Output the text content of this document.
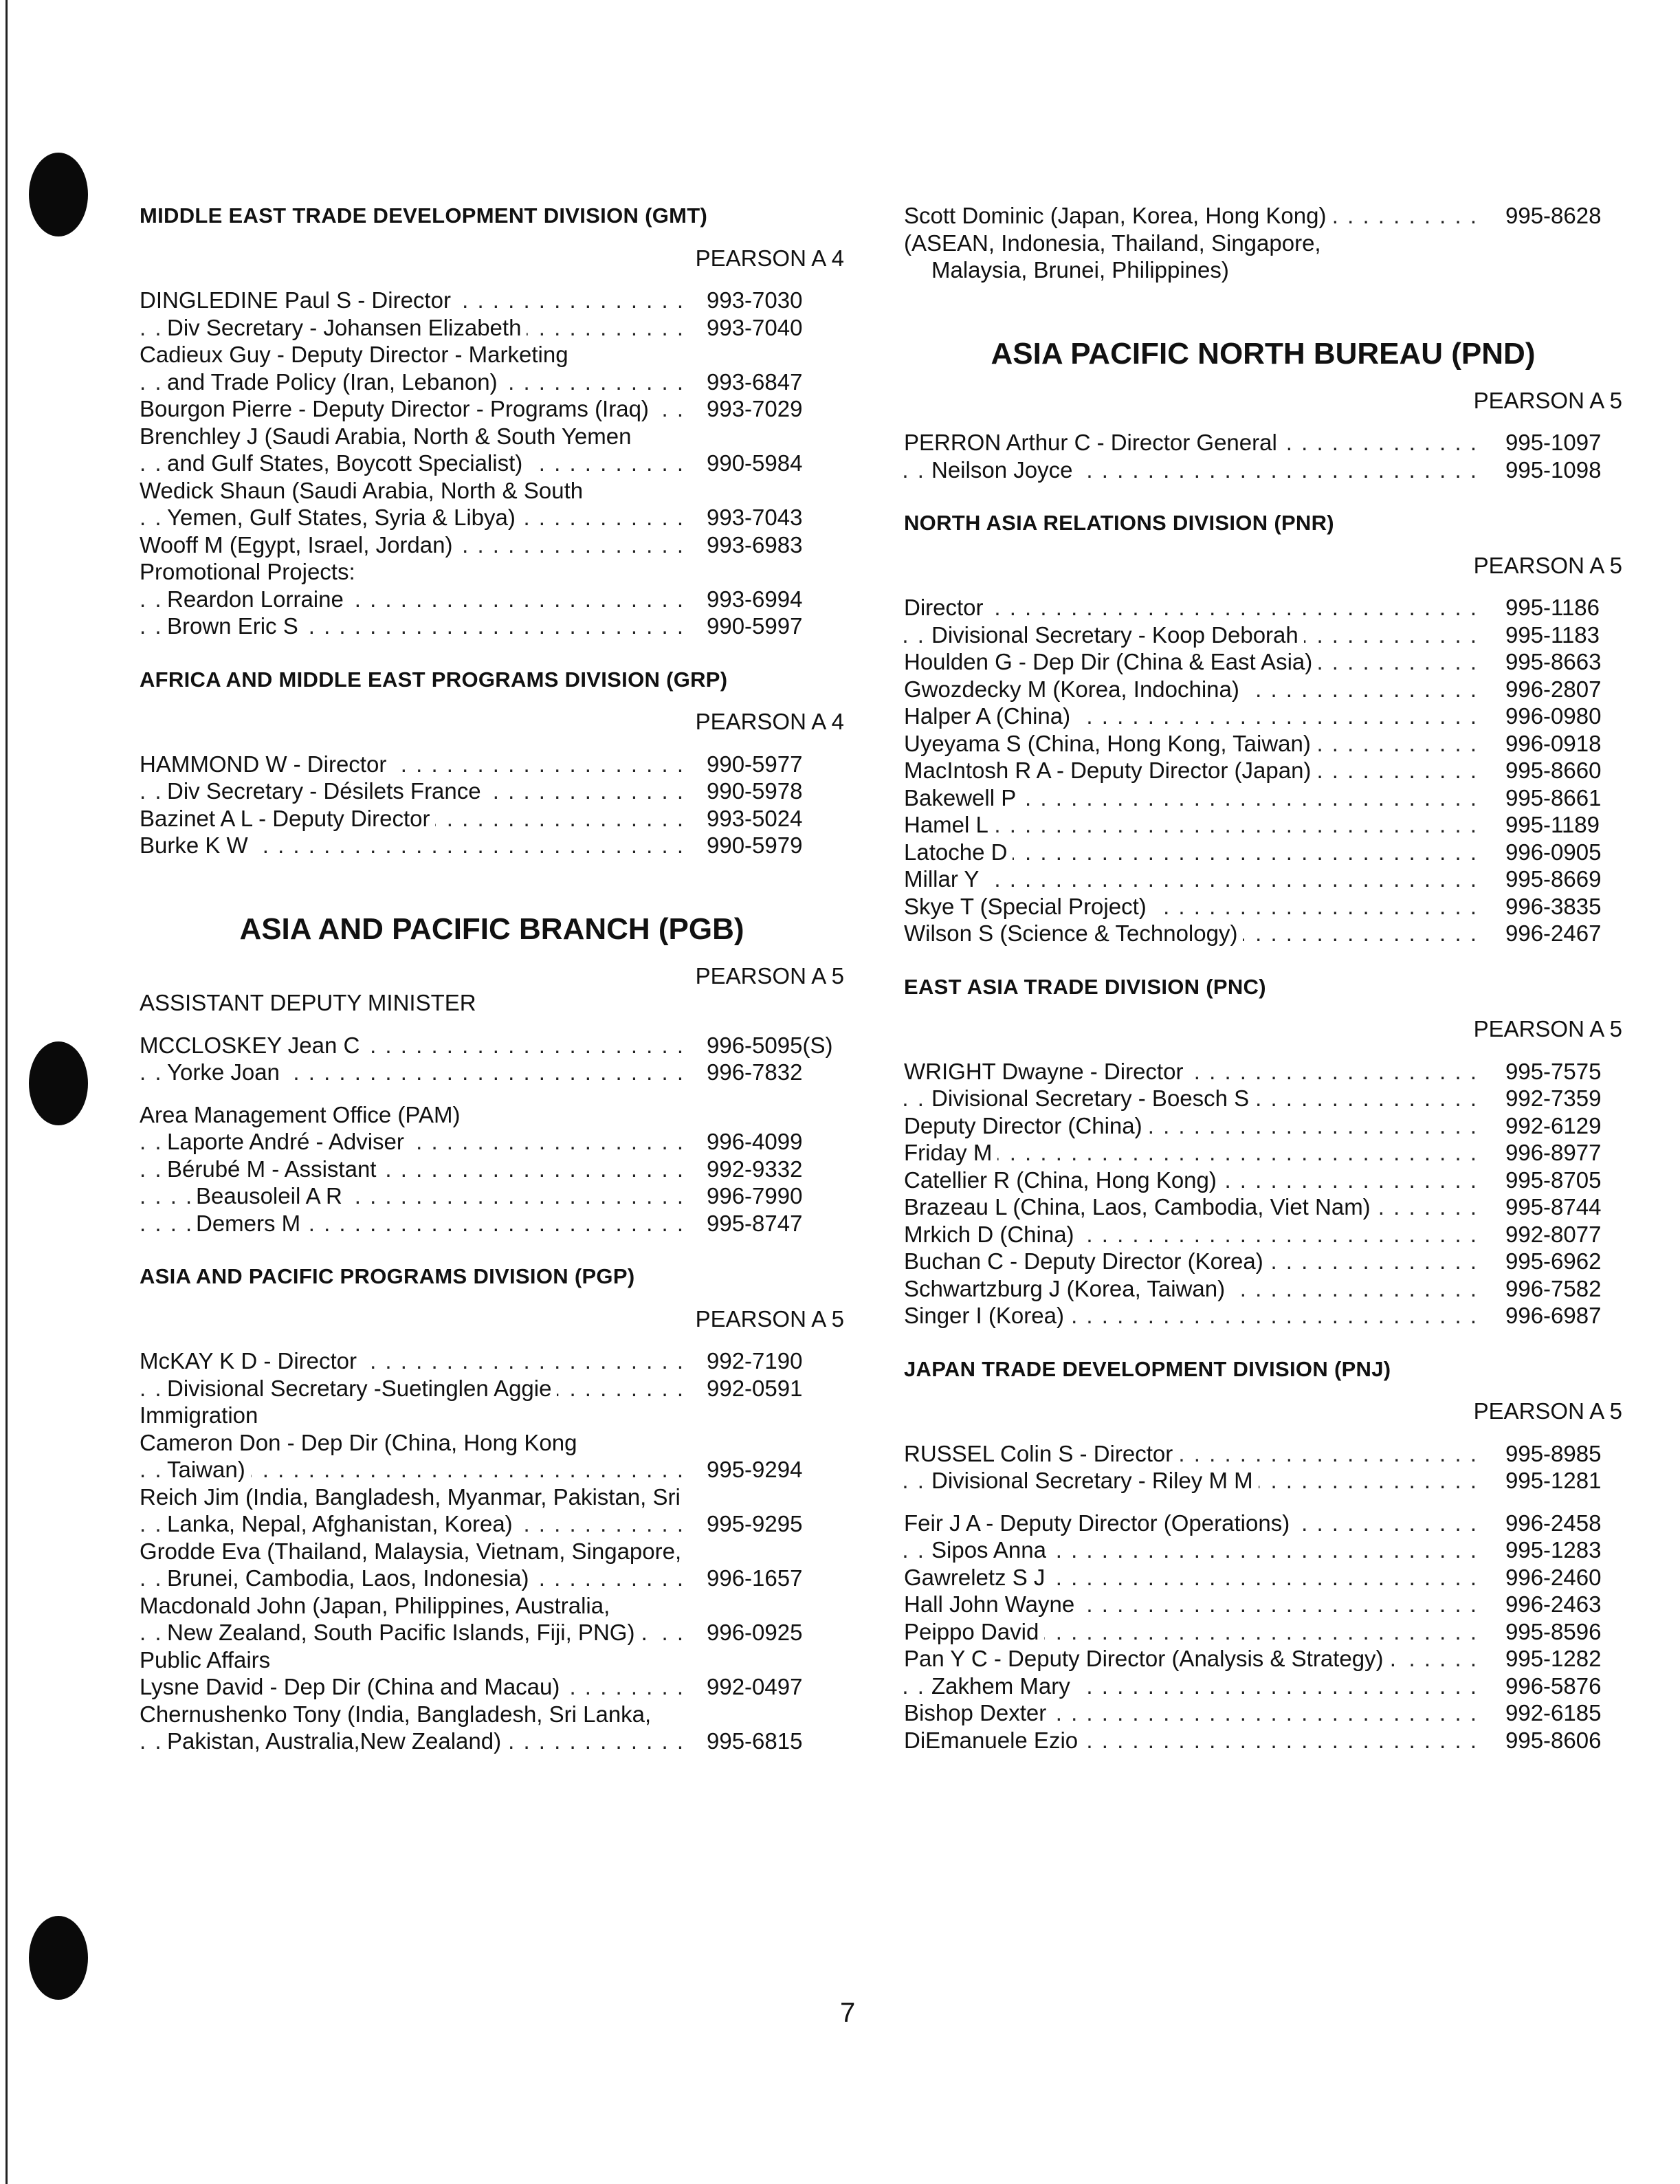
MIDDLE EAST TRADE DEVELOPMENT DIVISION (GMT)
PEARSON A 4
DINGLEDINE Paul S - Director . . .	993-7030
Div Secretary - Johansen Elizabeth . . .	993-7040
Cadieux Guy - Deputy Director - Marketing
and Trade Policy (Iran, Lebanon) . . .	993-6847
Bourgon Pierre - Deputy Director - Programs (Iraq) . . .	993-7029
Brenchley J (Saudi Arabia, North & South Yemen
and Gulf States, Boycott Specialist) . . .	990-5984
Wedick Shaun (Saudi Arabia, North & South
Yemen, Gulf States, Syria & Libya) . . .	993-7043
Wooff M (Egypt, Israel, Jordan) . . .	993-6983
Promotional Projects:
Reardon Lorraine . . .	993-6994
Brown Eric S . . .	990-5997
AFRICA AND MIDDLE EAST PROGRAMS DIVISION (GRP)
PEARSON A 4
HAMMOND W - Director . . .	990-5977
Div Secretary - Désilets France . . .	990-5978
Bazinet A L - Deputy Director . . .	993-5024
Burke K W . . .	990-5979
ASIA AND PACIFIC BRANCH (PGB)
PEARSON A 5
ASSISTANT DEPUTY MINISTER
MCCLOSKEY Jean C . . .	996-5095(S)
Yorke Joan . . .	996-7832
Area Management Office (PAM)
Laporte André - Adviser . . .	996-4099
Bérubé M - Assistant . . .	992-9332
Beausoleil A R . . .	996-7990
Demers M . . .	995-8747
ASIA AND PACIFIC PROGRAMS DIVISION (PGP)
PEARSON A 5
McKAY K D - Director . . .	992-7190
Divisional Secretary -Suetinglen Aggie . . .	992-0591
Immigration
Cameron Don - Dep Dir (China, Hong Kong
Taiwan) . . .	995-9294
Reich Jim (India, Bangladesh, Myanmar, Pakistan, Sri
Lanka, Nepal, Afghanistan, Korea) . . .	995-9295
Grodde Eva (Thailand, Malaysia, Vietnam, Singapore,
Brunei, Cambodia, Laos, Indonesia) . . .	996-1657
Macdonald John (Japan, Philippines, Australia,
New Zealand, South Pacific Islands, Fiji, PNG) . . . .	996-0925
Public Affairs
Lysne David - Dep Dir (China and Macau) . . .	992-0497
Chernushenko Tony (India, Bangladesh, Sri Lanka,
Pakistan, Australia,New Zealand) . . .	995-6815
Scott Dominic (Japan, Korea, Hong Kong) . . .	995-8628
(ASEAN, Indonesia, Thailand, Singapore,
Malaysia, Brunei, Philippines)
ASIA PACIFIC NORTH BUREAU (PND)
PEARSON A 5
PERRON Arthur C - Director General . . .	995-1097
Neilson Joyce . . .	995-1098
NORTH ASIA RELATIONS DIVISION (PNR)
PEARSON A 5
Director . . .	995-1186
Divisional Secretary - Koop Deborah . . .	995-1183
Houlden G - Dep Dir (China & East Asia) . . .	995-8663
Gwozdecky M (Korea, Indochina) . . .	996-2807
Halper A (China) . . .	996-0980
Uyeyama S (China, Hong Kong, Taiwan) . . .	996-0918
MacIntosh R A - Deputy Director (Japan) . . .	995-8660
Bakewell P . . .	995-8661
Hamel L . . .	995-1189
Latoche D . . .	996-0905
Millar Y . . .	995-8669
Skye T (Special Project) . . .	996-3835
Wilson S (Science & Technology) . . .	996-2467
EAST ASIA TRADE DIVISION (PNC)
PEARSON A 5
WRIGHT Dwayne - Director . . .	995-7575
Divisional Secretary - Boesch S . . .	992-7359
Deputy Director (China) . . .	992-6129
Friday M . . .	996-8977
Catellier R (China, Hong Kong) . . .	995-8705
Brazeau L (China, Laos, Cambodia, Viet Nam) . . .	995-8744
Mrkich D (China) . . .	992-8077
Buchan C - Deputy Director (Korea) . . .	995-6962
Schwartzburg J (Korea, Taiwan) . . .	996-7582
Singer I (Korea) . . .	996-6987
JAPAN TRADE DEVELOPMENT DIVISION (PNJ)
PEARSON A 5
RUSSEL Colin S - Director . . .	995-8985
Divisional Secretary - Riley M M . . .	995-1281
Feir J A - Deputy Director (Operations) . . .	996-2458
Sipos Anna . . .	995-1283
Gawreletz S J . . .	996-2460
Hall John Wayne . . .	996-2463
Peippo David . . .	995-8596
Pan Y C - Deputy Director (Analysis & Strategy) . . . .	995-1282
Zakhem Mary . . .	996-5876
Bishop Dexter . . .	992-6185
DiEmanuele Ezio . . .	995-8606
7
